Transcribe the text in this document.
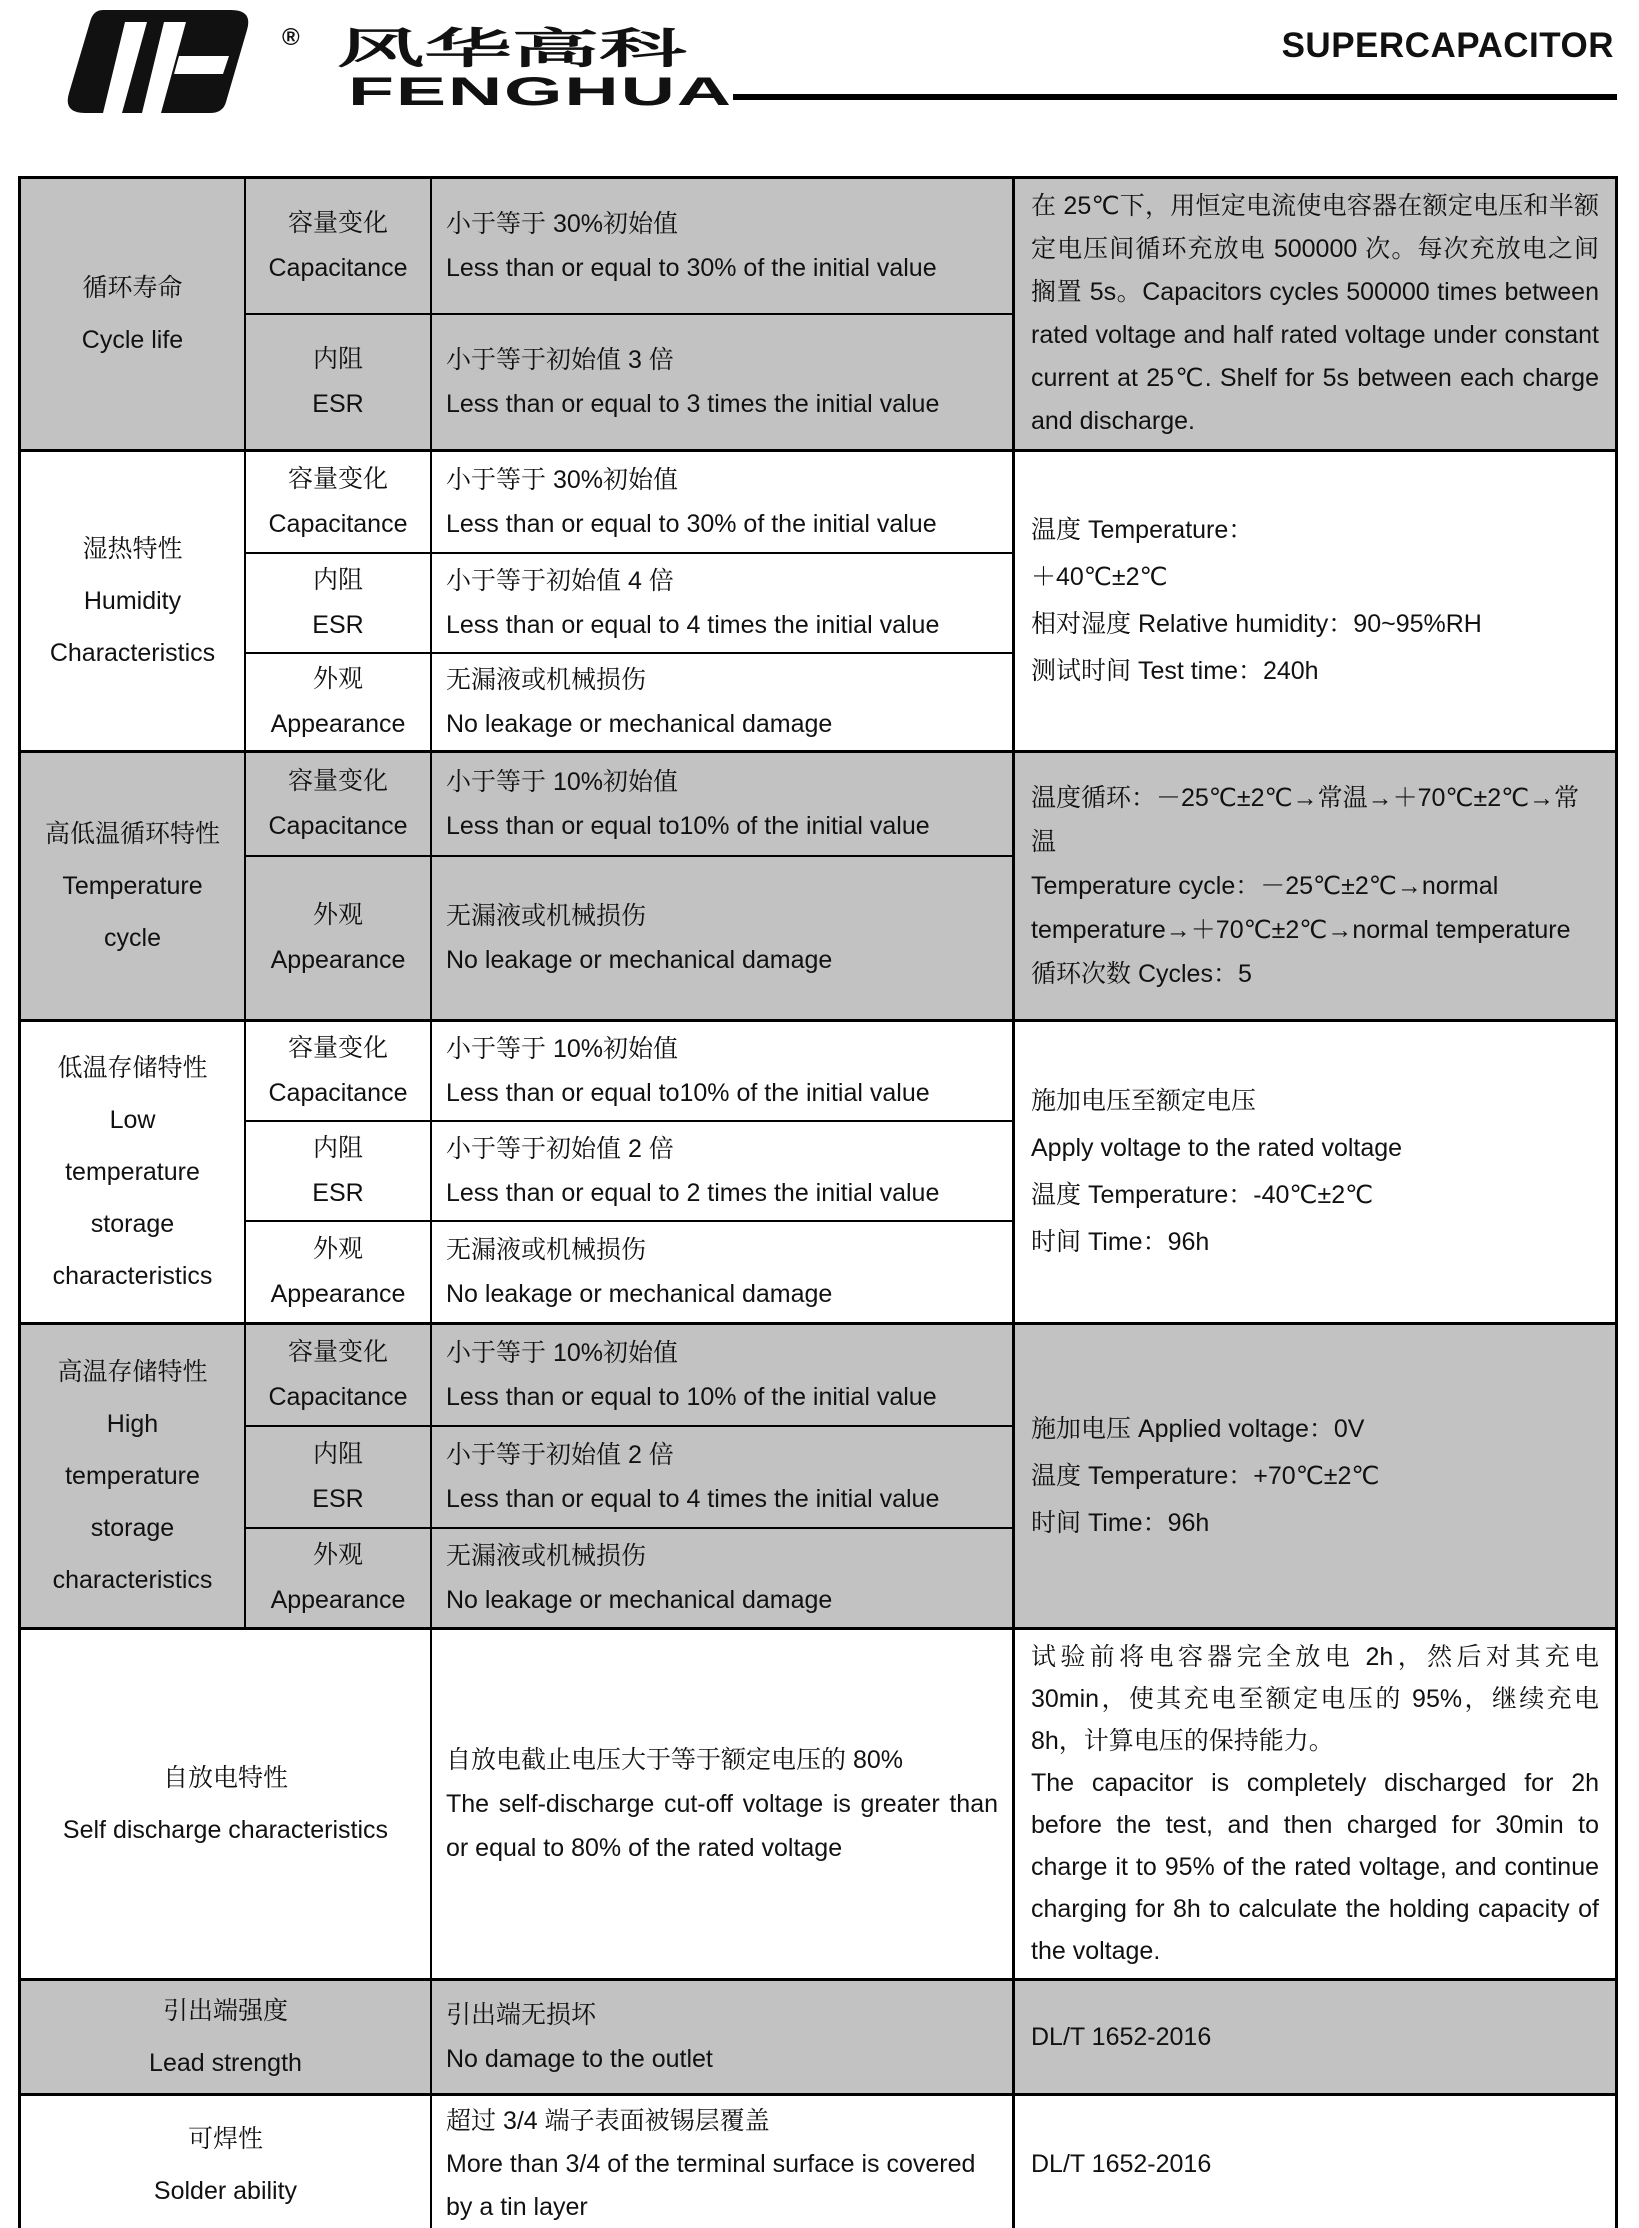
® 风华高科
FENGHUA
SUPERCAPACITOR
循环寿命
Cycle life
容量变化
Capacitance
小于等于 30%初始值
Less than or equal to 30% of the initial value
内阻
ESR
小于等于初始值 3 倍
Less than or equal to 3 times the initial value
在 25℃下，用恒定电流使电容器在额定电压和半额定电压间循环充放电 500000 次。每次充放电之间搁置 5s。Capacitors cycles 500000 times between rated voltage and half rated voltage under constant current at 25℃. Shelf for 5s between each charge and discharge.
湿热特性
Humidity
Characteristics
容量变化
Capacitance
小于等于 30%初始值
Less than or equal to 30% of the initial value
内阻
ESR
小于等于初始值 4 倍
Less than or equal to 4 times the initial value
外观
Appearance
无漏液或机械损伤
No leakage or mechanical damage
温度 Temperature：
＋40℃±2℃
相对湿度 Relative humidity：90~95%RH
测试时间 Test time：240h
高低温循环特性
Temperature
cycle
容量变化
Capacitance
小于等于 10%初始值
Less than or equal to10% of the initial value
外观
Appearance
无漏液或机械损伤
No leakage or mechanical damage
温度循环：－25℃±2℃→常温→＋70℃±2℃→常温
Temperature cycle：－25℃±2℃→normal temperature→＋70℃±2℃→normal temperature
循环次数 Cycles：5
低温存储特性
Low
temperature
storage
characteristics
容量变化
Capacitance
小于等于 10%初始值
Less than or equal to10% of the initial value
内阻
ESR
小于等于初始值 2 倍
Less than or equal to 2 times the initial value
外观
Appearance
无漏液或机械损伤
No leakage or mechanical damage
施加电压至额定电压
Apply voltage to the rated voltage
温度 Temperature：-40℃±2℃
时间 Time：96h
高温存储特性
High
temperature
storage
characteristics
容量变化
Capacitance
小于等于 10%初始值
Less than or equal to 10% of the initial value
内阻
ESR
小于等于初始值 2 倍
Less than or equal to 4 times the initial value
外观
Appearance
无漏液或机械损伤
No leakage or mechanical damage
施加电压 Applied voltage：0V
温度 Temperature：+70℃±2℃
时间 Time：96h
自放电特性
Self discharge characteristics
自放电截止电压大于等于额定电压的 80%
The self-discharge cut-off voltage is greater than or equal to 80% of the rated voltage
试验前将电容器完全放电 2h，然后对其充电 30min，使其充电至额定电压的 95%，继续充电 8h，计算电压的保持能力。
The capacitor is completely discharged for 2h before the test, and then charged for 30min to charge it to 95% of the rated voltage, and continue charging for 8h to calculate the holding capacity of the voltage.
引出端强度
Lead strength
引出端无损坏
No damage to the outlet
DL/T 1652-2016
可焊性
Solder ability
超过 3/4 端子表面被锡层覆盖
More than 3/4 of the terminal surface is covered by a tin layer
DL/T 1652-2016
